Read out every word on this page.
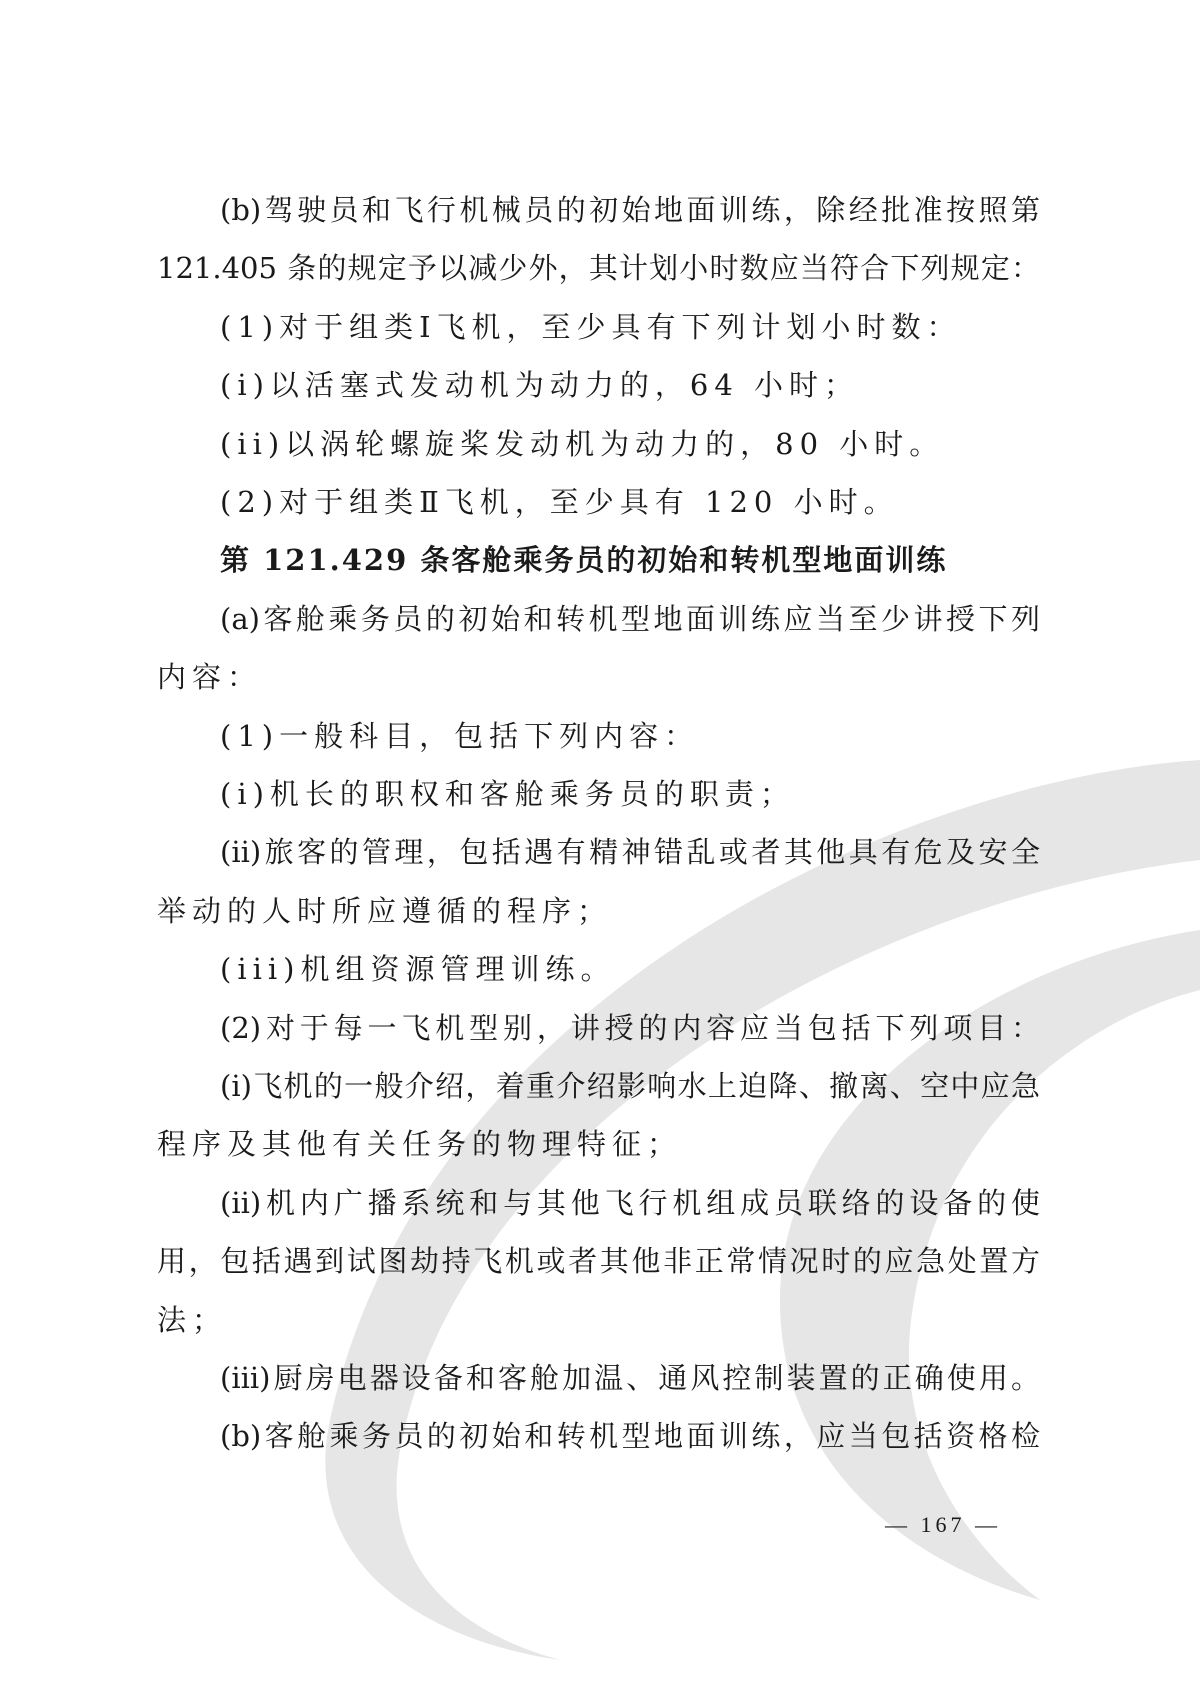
(b)驾驶员和飞行机械员的初始地面训练，除经批准按照第
121.405 条的规定予以减少外，其计划小时数应当符合下列规定：
(1)对于组类Ⅰ飞机，至少具有下列计划小时数：
(i)以活塞式发动机为动力的，64 小时；
(ii)以涡轮螺旋桨发动机为动力的，80 小时。
(2)对于组类Ⅱ飞机，至少具有 120 小时。
第 121.429 条客舱乘务员的初始和转机型地面训练
(a)客舱乘务员的初始和转机型地面训练应当至少讲授下列
内容：
(1)一般科目，包括下列内容：
(i)机长的职权和客舱乘务员的职责；
(ii)旅客的管理，包括遇有精神错乱或者其他具有危及安全
举动的人时所应遵循的程序；
(iii)机组资源管理训练。
(2)对于每一飞机型别，讲授的内容应当包括下列项目：
(i)飞机的一般介绍，着重介绍影响水上迫降、撤离、空中应急
程序及其他有关任务的物理特征；
(ii)机内广播系统和与其他飞行机组成员联络的设备的使
用，包括遇到试图劫持飞机或者其他非正常情况时的应急处置方
法；
(iii)厨房电器设备和客舱加温、通风控制装置的正确使用。
(b)客舱乘务员的初始和转机型地面训练，应当包括资格检
— 167 —
